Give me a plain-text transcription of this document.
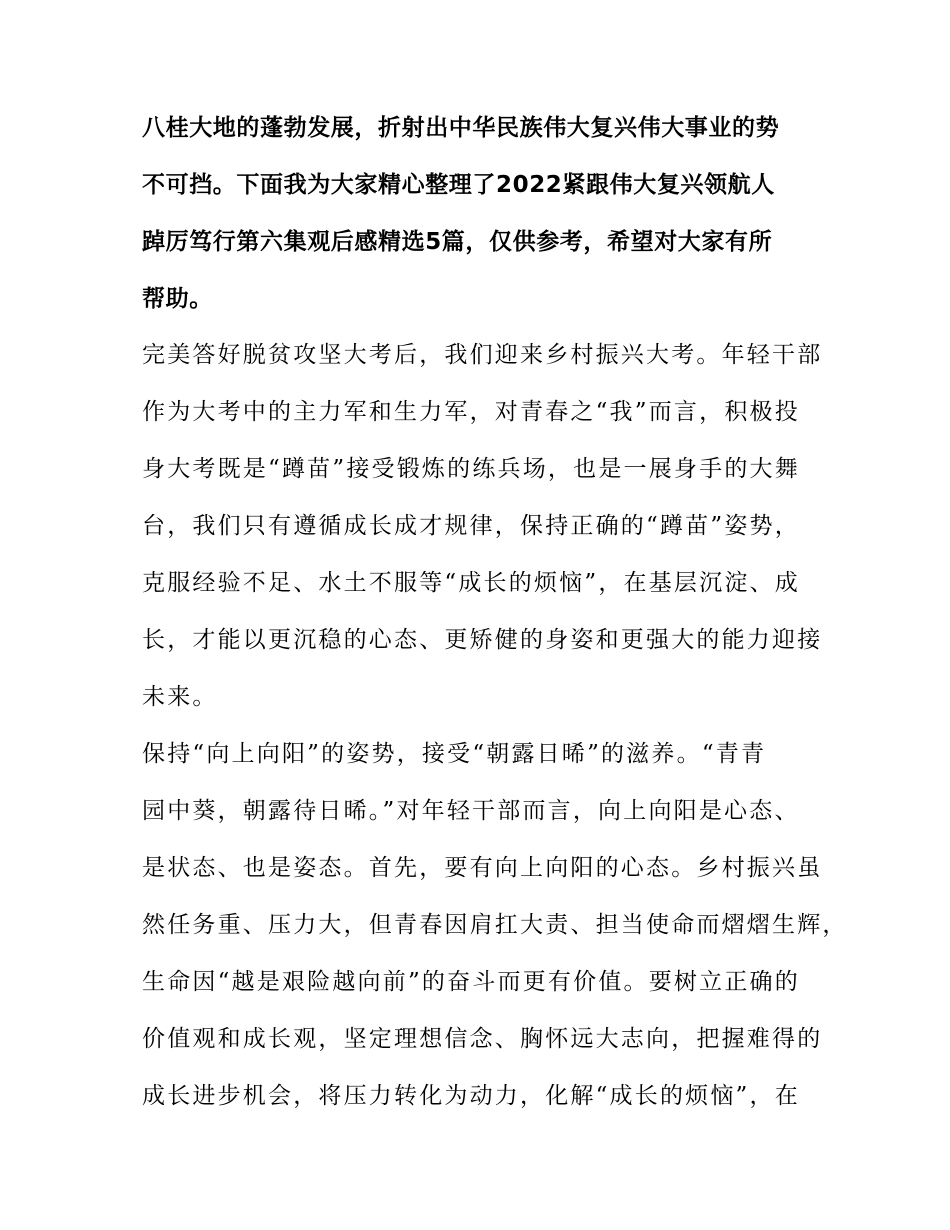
八桂大地的蓬勃发展，折射出中华民族伟大复兴伟大事业的势
不可挡。下面我为大家精心整理了2022紧跟伟大复兴领航人
踔厉笃行第六集观后感精选5篇，仅供参考，希望对大家有所
帮助。
完美答好脱贫攻坚大考后，我们迎来乡村振兴大考。年轻干部
作为大考中的主力军和生力军，对青春之“我”而言，积极投
身大考既是“蹲苗”接受锻炼的练兵场，也是一展身手的大舞
台，我们只有遵循成长成才规律，保持正确的“蹲苗”姿势，
克服经验不足、水土不服等“成长的烦恼”，在基层沉淀、成
长，才能以更沉稳的心态、更矫健的身姿和更强大的能力迎接
未来。
保持“向上向阳”的姿势，接受“朝露日晞”的滋养。“青青
园中葵，朝露待日晞。”对年轻干部而言，向上向阳是心态、
是状态、也是姿态。首先，要有向上向阳的心态。乡村振兴虽
然任务重、压力大，但青春因肩扛大责、担当使命而熠熠生辉，
生命因“越是艰险越向前”的奋斗而更有价值。要树立正确的
价值观和成长观，坚定理想信念、胸怀远大志向，把握难得的
成长进步机会，将压力转化为动力，化解“成长的烦恼”，在
